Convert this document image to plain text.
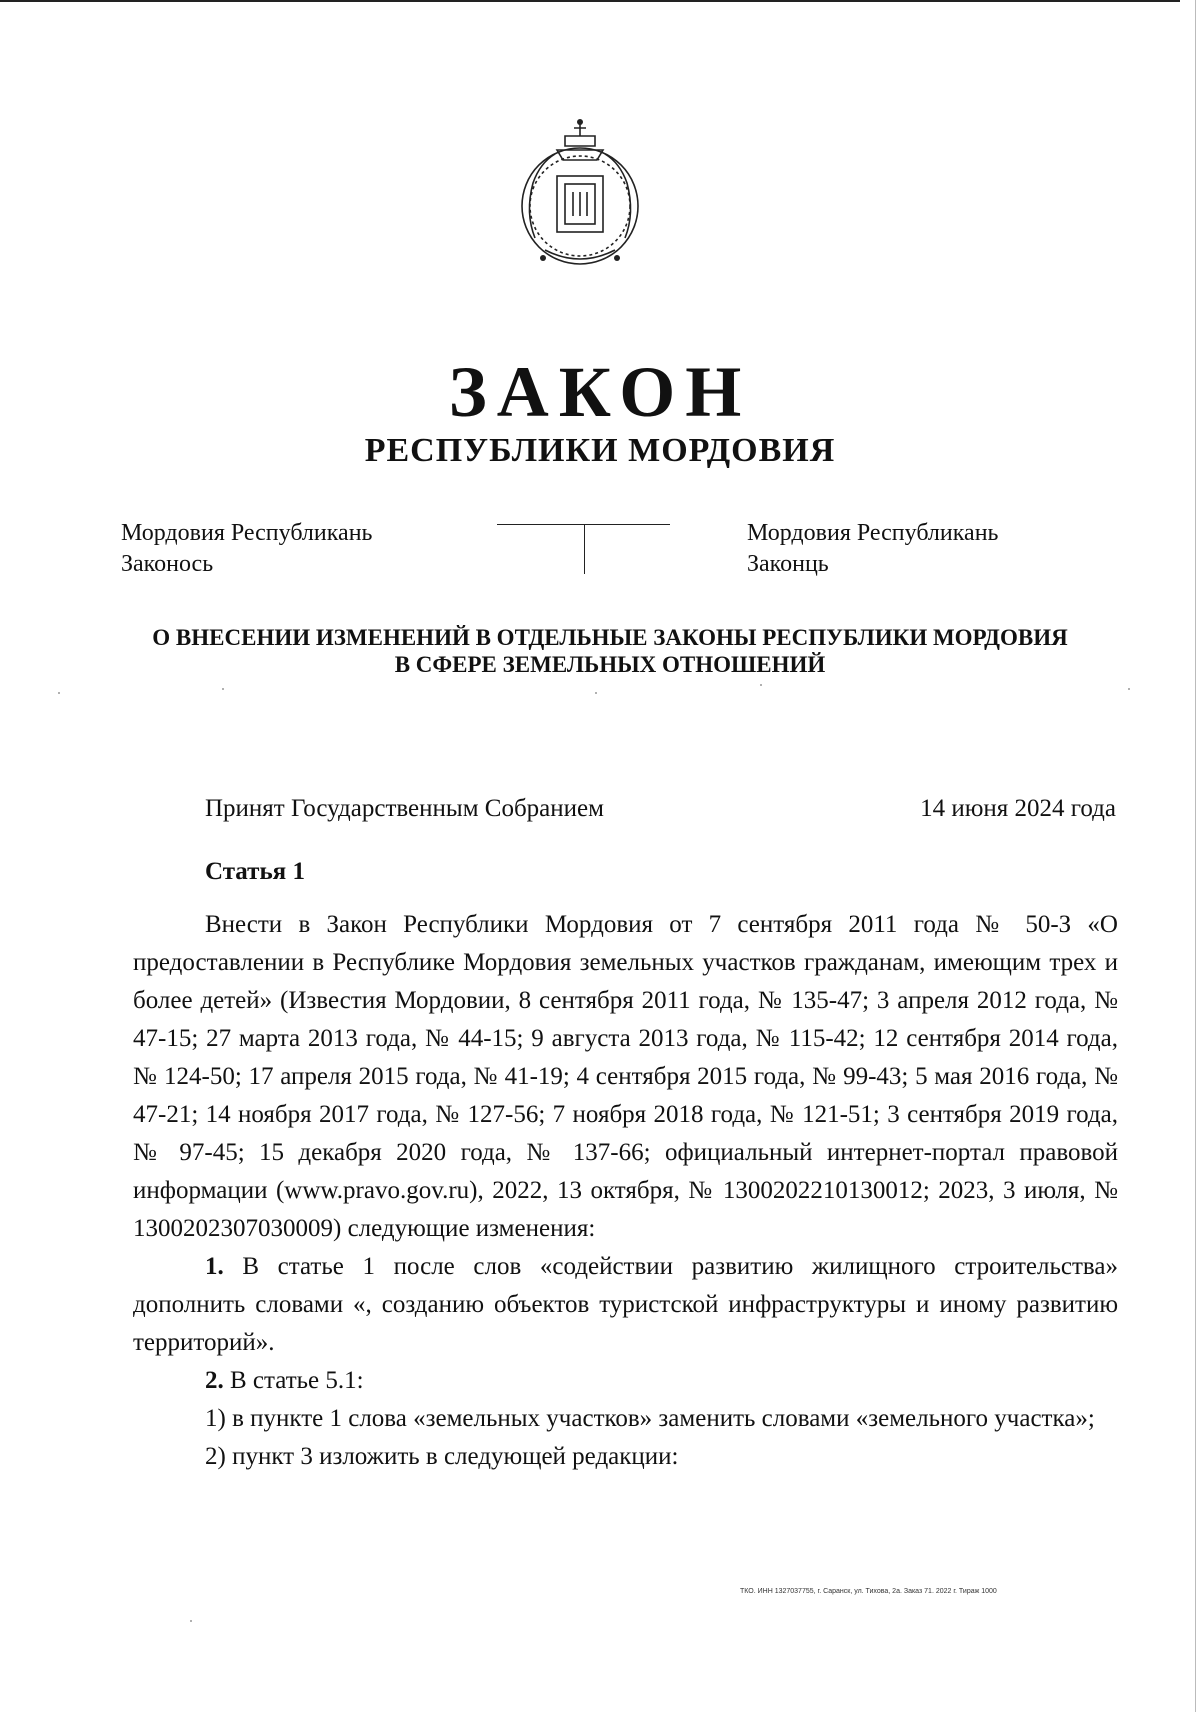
ЗАКОН
РЕСПУБЛИКИ МОРДОВИЯ
Мордовия Республикань
Законось
Мордовия Республикань
Законць
О ВНЕСЕНИИ ИЗМЕНЕНИЙ В ОТДЕЛЬНЫЕ ЗАКОНЫ РЕСПУБЛИКИ МОРДОВИЯ
В СФЕРЕ ЗЕМЕЛЬНЫХ ОТНОШЕНИЙ
Принят Государственным Собранием	14 июня 2024 года
Статья 1

Внести в Закон Республики Мордовия от 7 сентября 2011 года № 50-З «О предоставлении в Республике Мордовия земельных участков гражданам, имеющим трех и более детей» (Известия Мордовии, 8 сентября 2011 года, № 135-47; 3 апреля 2012 года, № 47-15; 27 марта 2013 года, № 44-15; 9 августа 2013 года, № 115-42; 12 сентября 2014 года, № 124-50; 17 апреля 2015 года, № 41-19; 4 сентября 2015 года, № 99-43; 5 мая 2016 года, № 47-21; 14 ноября 2017 года, № 127-56; 7 ноября 2018 года, № 121-51; 3 сентября 2019 года, № 97-45; 15 декабря 2020 года, № 137-66; официальный интернет-портал правовой информации (www.pravo.gov.ru), 2022, 13 октября, № 1300202210130012; 2023, 3 июля, № 1300202307030009) следующие изменения:

1. В статье 1 после слов «содействии развитию жилищного строительства» дополнить словами «, созданию объектов туристской инфраструктуры и иному развитию территорий».

2. В статье 5.1:

1) в пункте 1 слова «земельных участков» заменить словами «земельного участка»;

2) пункт 3 изложить в следующей редакции:

ТКО. ИНН 1327037755, г. Саранск, ул. Тихова, 2а. Заказ 71. 2022 г. Тираж 1000
